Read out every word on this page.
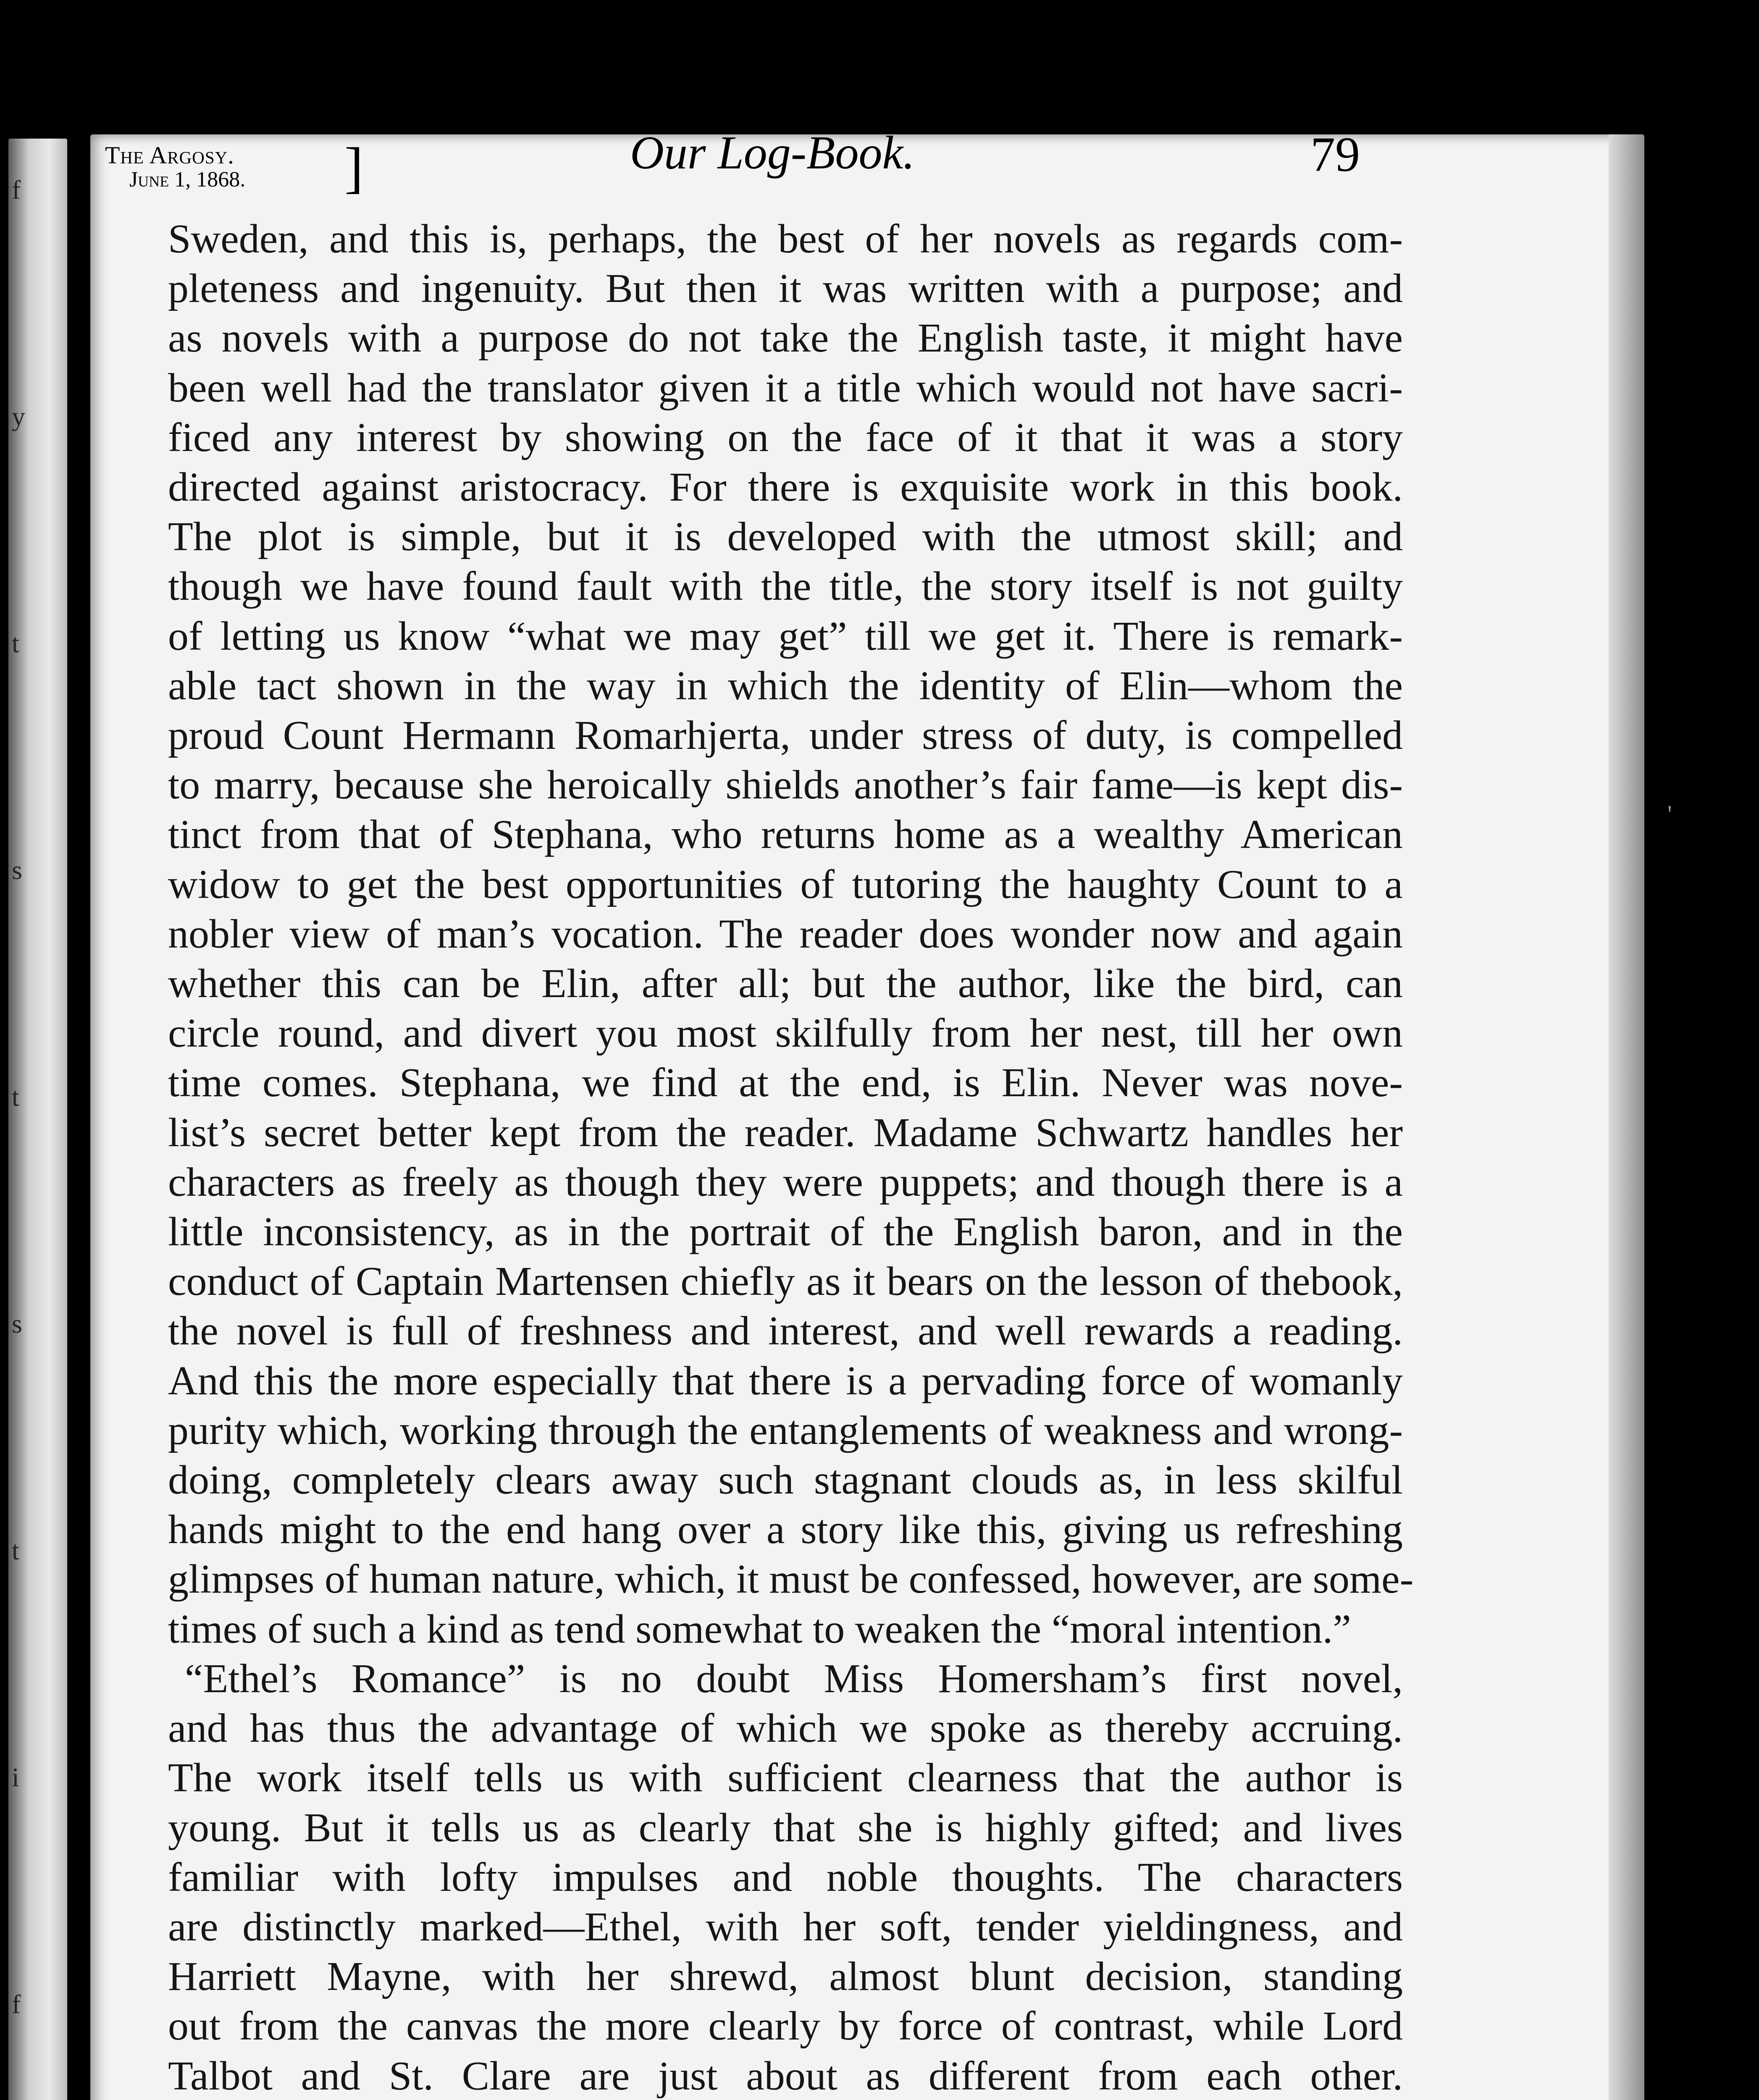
f
y
t
s
t
s
t
i
f
The Argosy.
June 1, 1868. ]	Our Log-Book.	79
Sweden, and this is, perhaps, the best of her novels as regards com-
pleteness and ingenuity. But then it was written with a purpose; and
as novels with a purpose do not take the English taste, it might have
been well had the translator given it a title which would not have sacri-
ficed any interest by showing on the face of it that it was a story
directed against aristocracy. For there is exquisite work in this book.
The plot is simple, but it is developed with the utmost skill; and
though we have found fault with the title, the story itself is not guilty
of letting us know “what we may get” till we get it. There is remark-
able tact shown in the way in which the identity of Elin—whom the
proud Count Hermann Romarhjerta, under stress of duty, is compelled
to marry, because she heroically shields another’s fair fame—is kept dis-
tinct from that of Stephana, who returns home as a wealthy American
widow to get the best opportunities of tutoring the haughty Count to a
nobler view of man’s vocation. The reader does wonder now and again
whether this can be Elin, after all; but the author, like the bird, can
circle round, and divert you most skilfully from her nest, till her own
time comes. Stephana, we find at the end, is Elin. Never was nove-
list’s secret better kept from the reader. Madame Schwartz handles her
characters as freely as though they were puppets; and though there is a
little inconsistency, as in the portrait of the English baron, and in the
conduct of Captain Martensen chiefly as it bears on the lesson of thebook,
the novel is full of freshness and interest, and well rewards a reading.
And this the more especially that there is a pervading force of womanly
purity which, working through the entanglements of weakness and wrong-
doing, completely clears away such stagnant clouds as, in less skilful
hands might to the end hang over a story like this, giving us refreshing
glimpses of human nature, which, it must be confessed, however, are some-
times of such a kind as tend somewhat to weaken the “moral intention.”
“Ethel’s Romance” is no doubt Miss Homersham’s first novel,
and has thus the advantage of which we spoke as thereby accruing.
The work itself tells us with sufficient clearness that the author is
young. But it tells us as clearly that she is highly gifted; and lives
familiar with lofty impulses and noble thoughts. The characters
are distinctly marked—Ethel, with her soft, tender yieldingness, and
Harriett Mayne, with her shrewd, almost blunt decision, standing
out from the canvas the more clearly by force of contrast, while Lord
Talbot and St. Clare are just about as different from each other.
'
